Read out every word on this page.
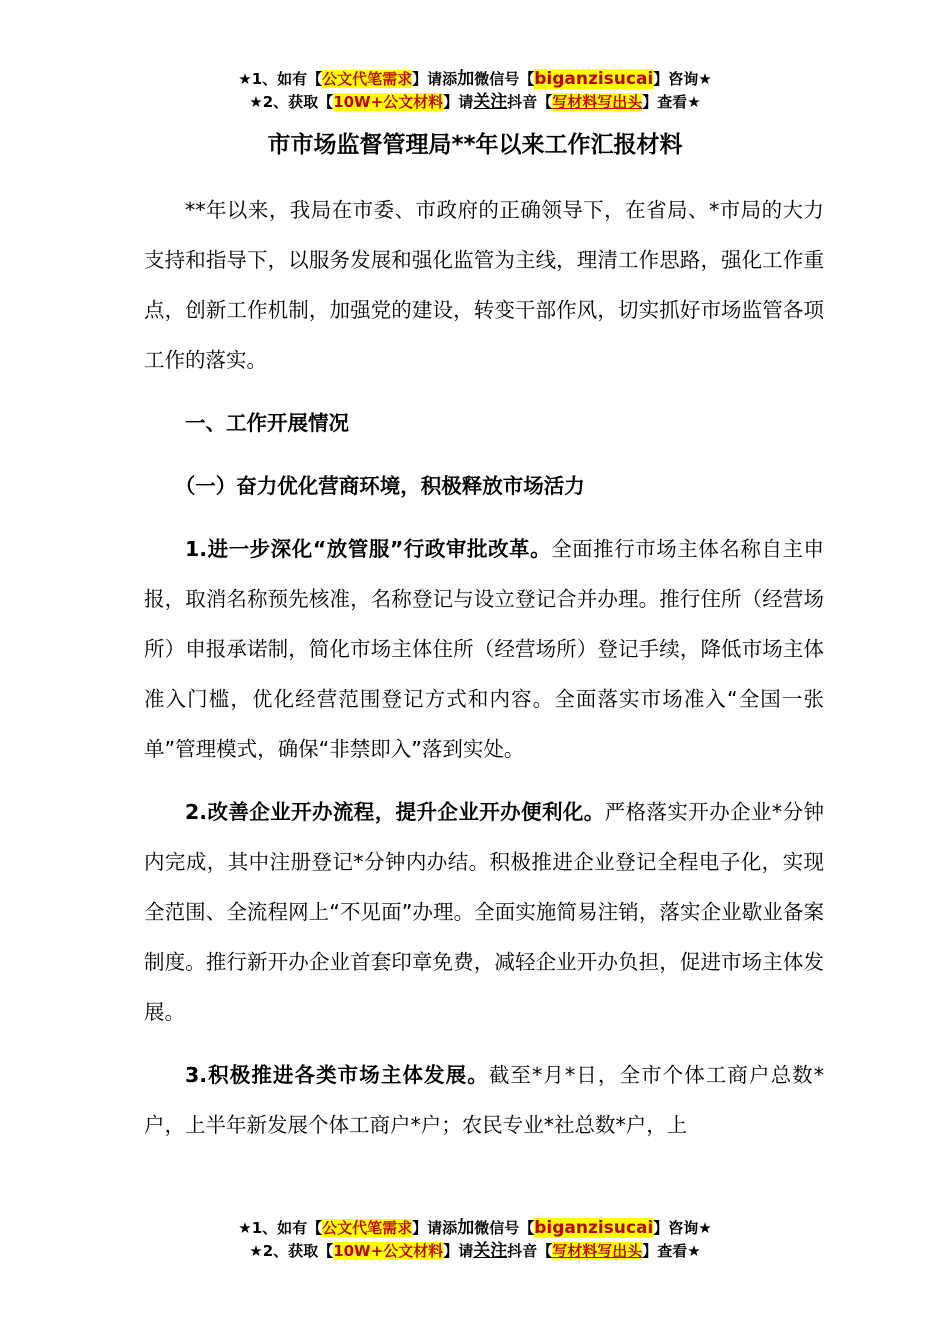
★1、如有【公文代笔需求】请添加微信号【biganzisucai】咨询★
★2、获取【10W+公文材料】请关注抖音【写材料写出头】查看★
市市场监督管理局**年以来工作汇报材料

**年以来，我局在市委、市政府的正确领导下，在省局、*市局的大力支持和指导下，以服务发展和强化监管为主线，理清工作思路，强化工作重点，创新工作机制，加强党的建设，转变干部作风，切实抓好市场监管各项工作的落实。

一、工作开展情况

（一）奋力优化营商环境，积极释放市场活力

1.进一步深化“放管服”行政审批改革。全面推行市场主体名称自主申报，取消名称预先核准，名称登记与设立登记合并办理。推行住所（经营场所）申报承诺制，简化市场主体住所（经营场所）登记手续，降低市场主体准入门槛，优化经营范围登记方式和内容。全面落实市场准入“全国一张单”管理模式，确保“非禁即入”落到实处。

2.改善企业开办流程，提升企业开办便利化。严格落实开办企业*分钟内完成，其中注册登记*分钟内办结。积极推进企业登记全程电子化，实现全范围、全流程网上“不见面”办理。全面实施简易注销，落实企业歇业备案制度。推行新开办企业首套印章免费，减轻企业开办负担，促进市场主体发展。

3.积极推进各类市场主体发展。截至*月*日，全市个体工商户总数*户，上半年新发展个体工商户*户；农民专业*社总数*户，上

★1、如有【公文代笔需求】请添加微信号【biganzisucai】咨询★
★2、获取【10W+公文材料】请关注抖音【写材料写出头】查看★
